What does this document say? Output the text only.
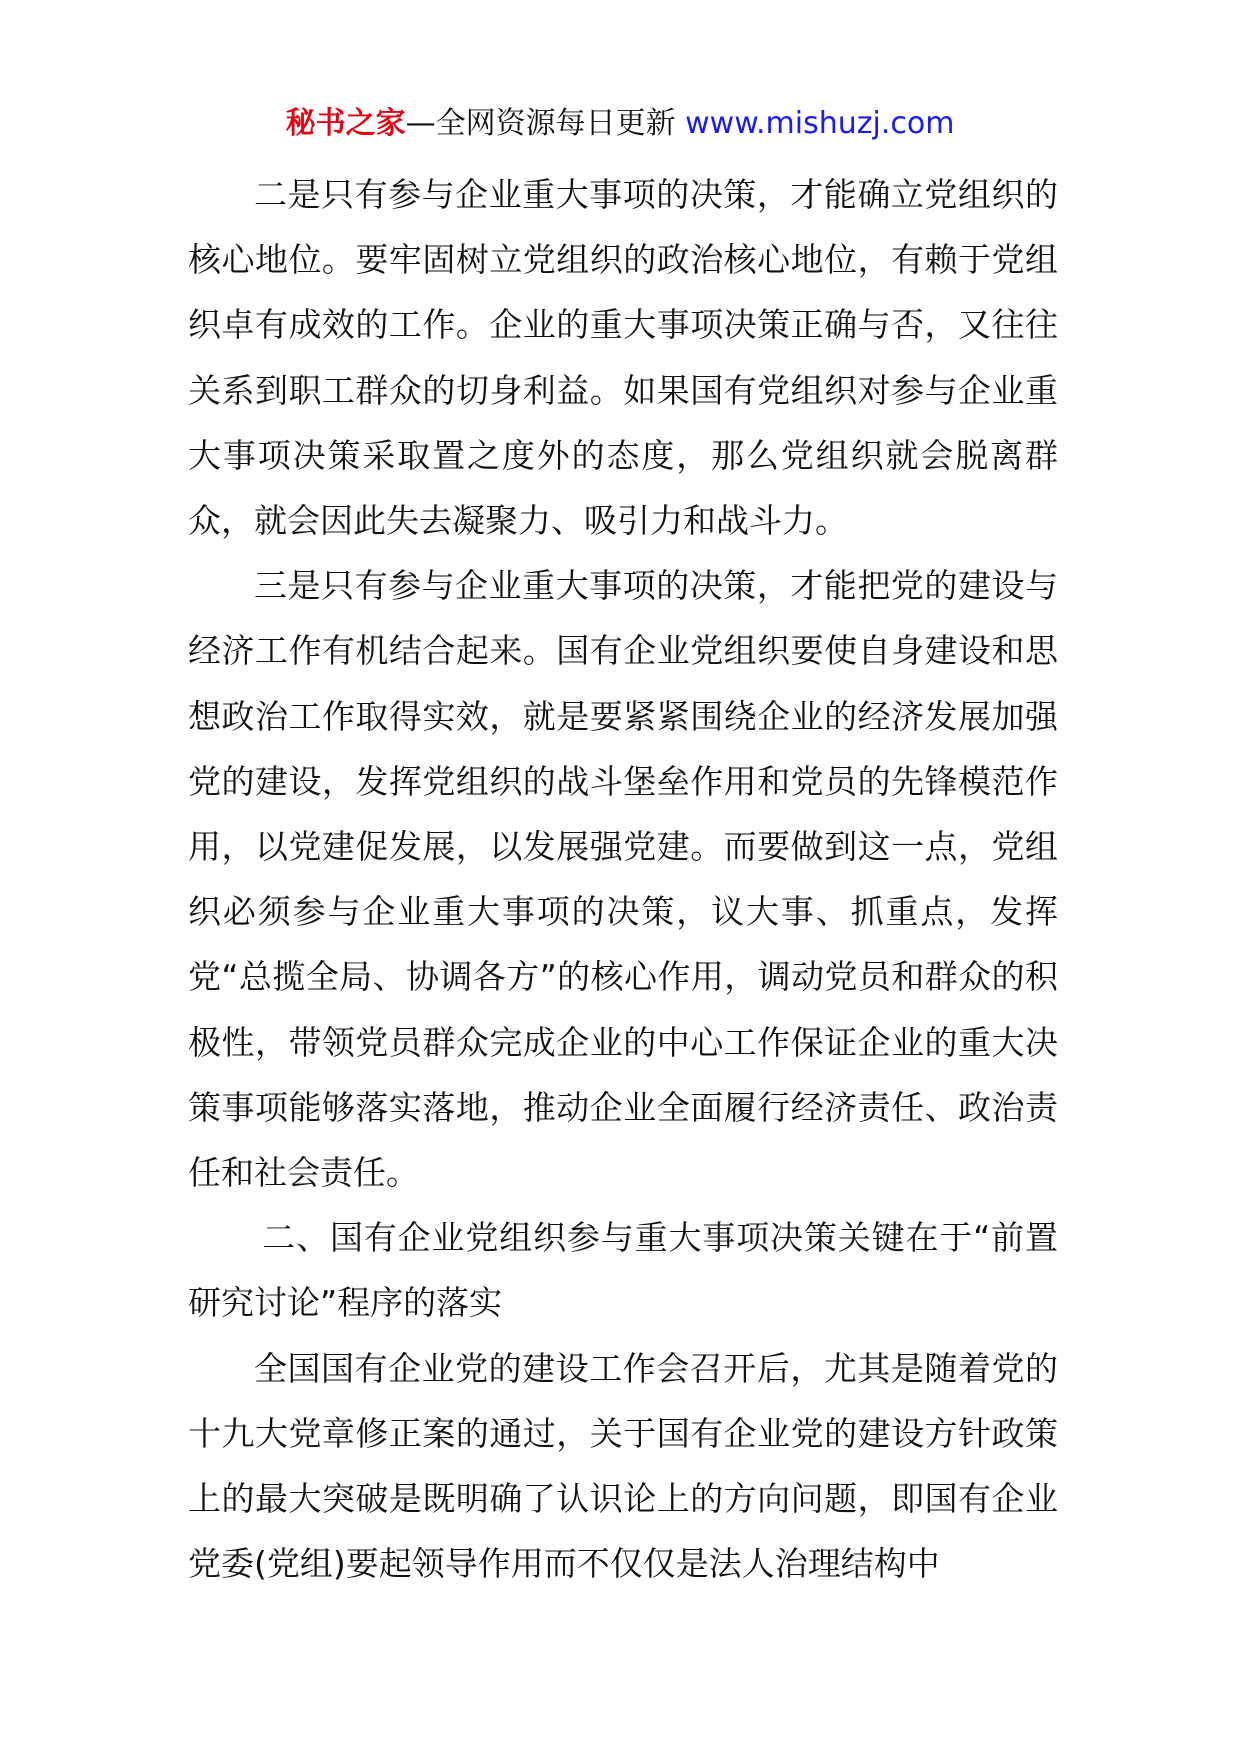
秘书之家—全网资源每日更新 www.mishuzj.com

二是只有参与企业重大事项的决策，才能确立党组织的核心地位。要牢固树立党组织的政治核心地位，有赖于党组织卓有成效的工作。企业的重大事项决策正确与否，又往往关系到职工群众的切身利益。如果国有党组织对参与企业重大事项决策采取置之度外的态度，那么党组织就会脱离群众，就会因此失去凝聚力、吸引力和战斗力。

三是只有参与企业重大事项的决策，才能把党的建设与经济工作有机结合起来。国有企业党组织要使自身建设和思想政治工作取得实效，就是要紧紧围绕企业的经济发展加强党的建设，发挥党组织的战斗堡垒作用和党员的先锋模范作用，以党建促发展，以发展强党建。而要做到这一点，党组织必须参与企业重大事项的决策，议大事、抓重点，发挥党“总揽全局、协调各方”的核心作用，调动党员和群众的积极性，带领党员群众完成企业的中心工作保证企业的重大决策事项能够落实落地，推动企业全面履行经济责任、政治责任和社会责任。

二、国有企业党组织参与重大事项决策关键在于“前置研究讨论”程序的落实

全国国有企业党的建设工作会召开后，尤其是随着党的十九大党章修正案的通过，关于国有企业党的建设方针政策上的最大突破是既明确了认识论上的方向问题，即国有企业党委(党组)要起领导作用而不仅仅是法人治理结构中
